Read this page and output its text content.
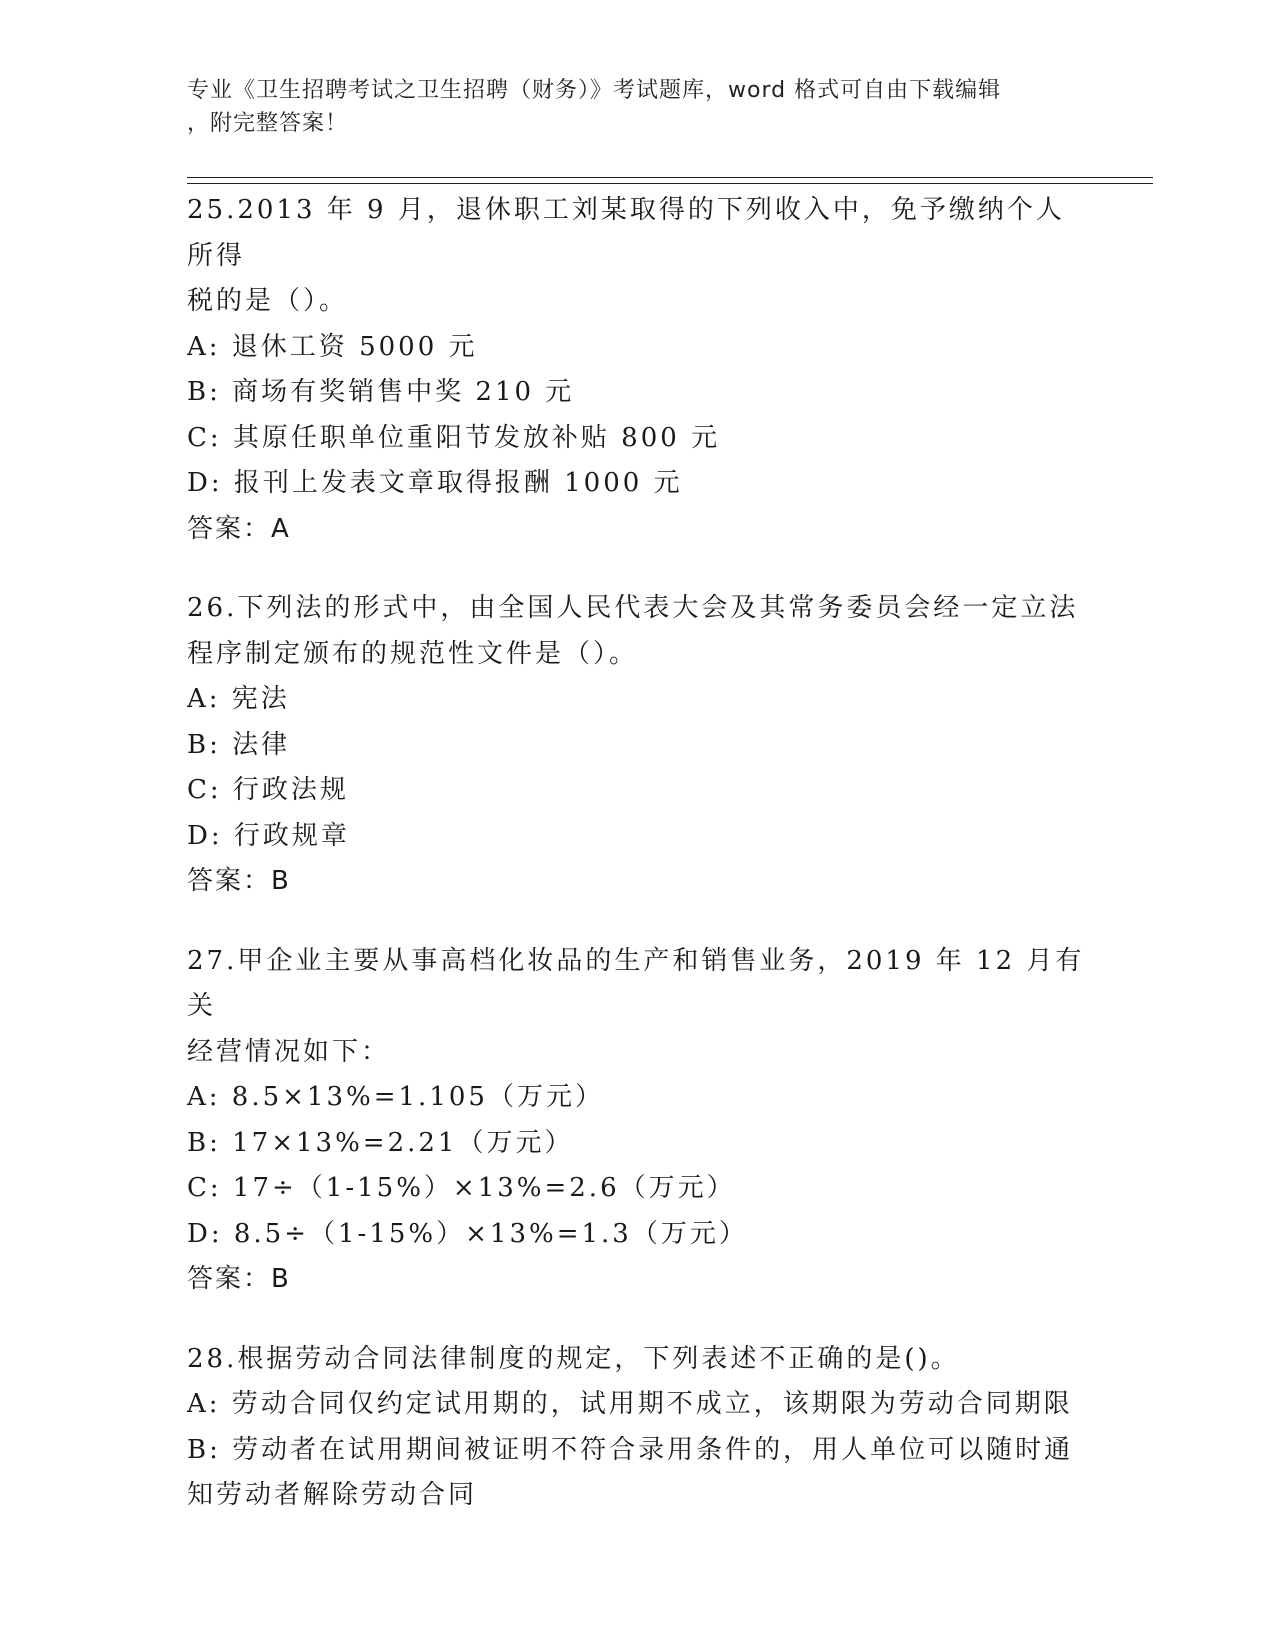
专业《卫生招聘考试之卫生招聘（财务）》考试题库，word 格式可自由下载编辑
，附完整答案！

25.2013 年 9 月，退休职工刘某取得的下列收入中，免予缴纳个人所得

税的是（）。

A: 退休工资 5000 元

B: 商场有奖销售中奖 210 元

C: 其原任职单位重阳节发放补贴 800 元

D: 报刊上发表文章取得报酬 1000 元

答案：A

26.下列法的形式中，由全国人民代表大会及其常务委员会经一定立法

程序制定颁布的规范性文件是（）。

A: 宪法

B: 法律

C: 行政法规

D: 行政规章

答案：B

27.甲企业主要从事高档化妆品的生产和销售业务，2019 年 12 月有关

经营情况如下：

A: 8.5×13%=1.105（万元）

B: 17×13%=2.21（万元）

C: 17÷（1-15%）×13%=2.6（万元）

D: 8.5÷（1-15%）×13%=1.3（万元）

答案：B

28.根据劳动合同法律制度的规定，下列表述不正确的是()。

A: 劳动合同仅约定试用期的，试用期不成立，该期限为劳动合同期限

B: 劳动者在试用期间被证明不符合录用条件的，用人单位可以随时通

知劳动者解除劳动合同
